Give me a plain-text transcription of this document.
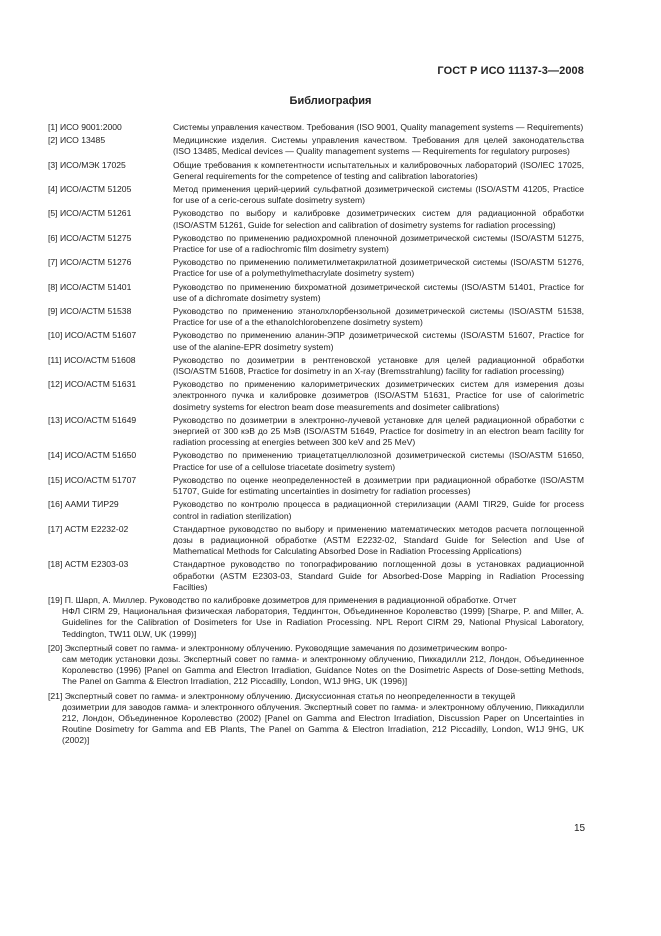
ГОСТ Р ИСО 11137-3—2008
Библиография
[1] ИСО 9001:2000	Системы управления качеством. Требования (ISO 9001, Quality management systems — Requirements)
[2] ИСО 13485	Медицинские изделия. Системы управления качеством. Требования для целей законодательства (ISO 13485, Medical devices — Quality management systems — Requirements for regulatory purposes)
[3] ИСО/МЭК 17025	Общие требования к компетентности испытательных и калибровочных лабораторий (ISO/IEC 17025, General requirements for the competence of testing and calibration laboratories)
[4] ИСО/АСТМ 51205	Метод применения церий-цериий сульфатной дозиметрической системы (ISO/ASTM 41205, Practice for use of a ceric-cerous sulfate dosimetry system)
[5] ИСО/АСТМ 51261	Руководство по выбору и калибровке дозиметрических систем для радиационной обработки (ISO/ASTM 51261, Guide for selection and calibration of dosimetry systems for radiation processing)
[6] ИСО/АСТМ 51275	Руководство по применению радиохромной пленочной дозиметрической системы (ISO/ASTM 51275, Practice for use of a radiochromic film dosimetry system)
[7] ИСО/АСТМ 51276	Руководство по применению полиметилметакрилатной дозиметрической системы (ISO/ASTM 51276, Practice for use of a polymethylmethacrylate dosimetry system)
[8] ИСО/АСТМ 51401	Руководство по применению бихроматной дозиметрической системы (ISO/ASTM 51401, Practice for use of a dichromate dosimetry system)
[9] ИСО/АСТМ 51538	Руководство по применению этанолхлорбензольной дозиметрической системы (ISO/ASTM 51538, Practice for use of a the ethanolchlorobenzene dosimetry system)
[10] ИСО/АСТМ 51607	Руководство по применению аланин-ЭПР дозиметрической системы (ISO/ASTM 51607, Practice for use of the alanine-EPR dosimetry system)
[11] ИСО/АСТМ 51608	Руководство по дозиметрии в рентгеновской установке для целей радиационной обработки (ISO/ASTM 51608, Practice for dosimetry in an X-ray (Bremsstrahlung) facility for radiation processing)
[12] ИСО/АСТМ 51631	Руководство по применению калориметрических дозиметрических систем для измерения дозы электронного пучка и калибровке дозиметров (ISO/ASTM 51631, Practice for use of calorimetric dosimetry systems for electron beam dose measurements and dosimeter calibrations)
[13] ИСО/АСТМ 51649	Руководство по дозиметрии в электронно-лучевой установке для целей радиационной обработки с энергией от 300 кэВ до 25 МэВ (ISO/ASTM 51649, Practice for dosimetry in an electron beam facility for radiation processing at energies between 300 keV and 25 MeV)
[14] ИСО/АСТМ 51650	Руководство по применению триацетатцеллюлозной дозиметрической системы (ISO/ASTM 51650, Practice for use of a cellulose triacetate dosimetry system)
[15] ИСО/АСТМ 51707	Руководство по оценке неопределенностей в дозиметрии при радиационной обработке (ISO/ASTM 51707, Guide for estimating uncertainties in dosimetry for radiation processes)
[16] ААМИ ТИР29	Руководство по контролю процесса в радиационной стерилизации (AAMI TIR29, Guide for process control in radiation sterilization)
[17] АСТМ E2232-02	Стандартное руководство по выбору и применению математических методов расчета поглощенной дозы в радиационной обработке (ASTM E2232-02, Standard Guide for Selection and Use of Mathematical Methods for Calculating Absorbed Dose in Radiation Processing Applications)
[18] АСТМ E2303-03	Стандартное руководство по топографированию поглощенной дозы в установках радиационной обработки (ASTM E2303-03, Standard Guide for Absorbed-Dose Mapping in Radiation Processing Facilties)
[19] П. Шарп, А. Миллер. Руководство по калибровке дозиметров для применения в радиационной обработке. Отчет
НФЛ CIRM 29, Национальная физическая лаборатория, Теддингтон, Объединенное Королевство (1999) [Sharpe, P. and Miller, A. Guidelines for the Calibration of Dosimeters for Use in Radiation Processing. NPL Report CIRM 29, National Physical Laboratory, Teddington, TW11 0LW, UK (1999)]
[20] Экспертный совет по гамма- и электронному облучению. Руководящие замечания по дозиметрическим вопро-
сам методик установки дозы. Экспертный совет по гамма- и электронному облучению, Пиккадилли 212, Лондон, Объединенное Королевство (1996) [Panel on Gamma and Electron Irradiation, Guidance Notes on the Dosimetric Aspects of Dose-setting Methods, The Panel on Gamma & Electron Irradiation, 212 Piccadilly, London, W1J 9HG, UK (1996)]
[21] Экспертный совет по гамма- и электронному облучению. Дискуссионная статья по неопределенности в текущей
дозиметрии для заводов гамма- и электронного облучения. Экспертный совет по гамма- и электронному облучению, Пиккадилли 212, Лондон, Объединенное Королевство (2002) [Panel on Gamma and Electron Irradiation, Discussion Paper on Uncertainties in Routine Dosimetry for Gamma and EB Plants, The Panel on Gamma & Electron Irradiation, 212 Piccadilly, London, W1J 9HG, UK (2002)]
15
